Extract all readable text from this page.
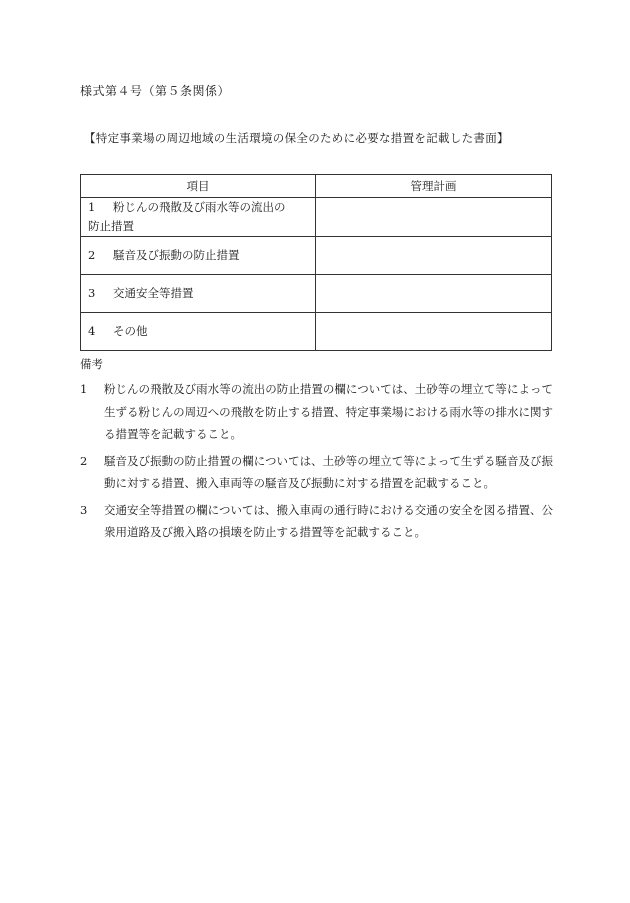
様式第４号（第５条関係）
【特定事業場の周辺地域の生活環境の保全のために必要な措置を記載した書面】
項目	管理計画
1 粉じんの飛散及び雨水等の流出の
防止措置	
2 騒音及び振動の防止措置	
3 交通安全等措置	
4 その他	
備考
1	粉じんの飛散及び雨水等の流出の防止措置の欄については、土砂等の埋立て等によって生ずる粉じんの周辺への飛散を防止する措置、特定事業場における雨水等の排水に関する措置等を記載すること。
2	騒音及び振動の防止措置の欄については、土砂等の埋立て等によって生ずる騒音及び振動に対する措置、搬入車両等の騒音及び振動に対する措置を記載すること。
3	交通安全等措置の欄については、搬入車両の通行時における交通の安全を図る措置、公衆用道路及び搬入路の損壊を防止する措置等を記載すること。
